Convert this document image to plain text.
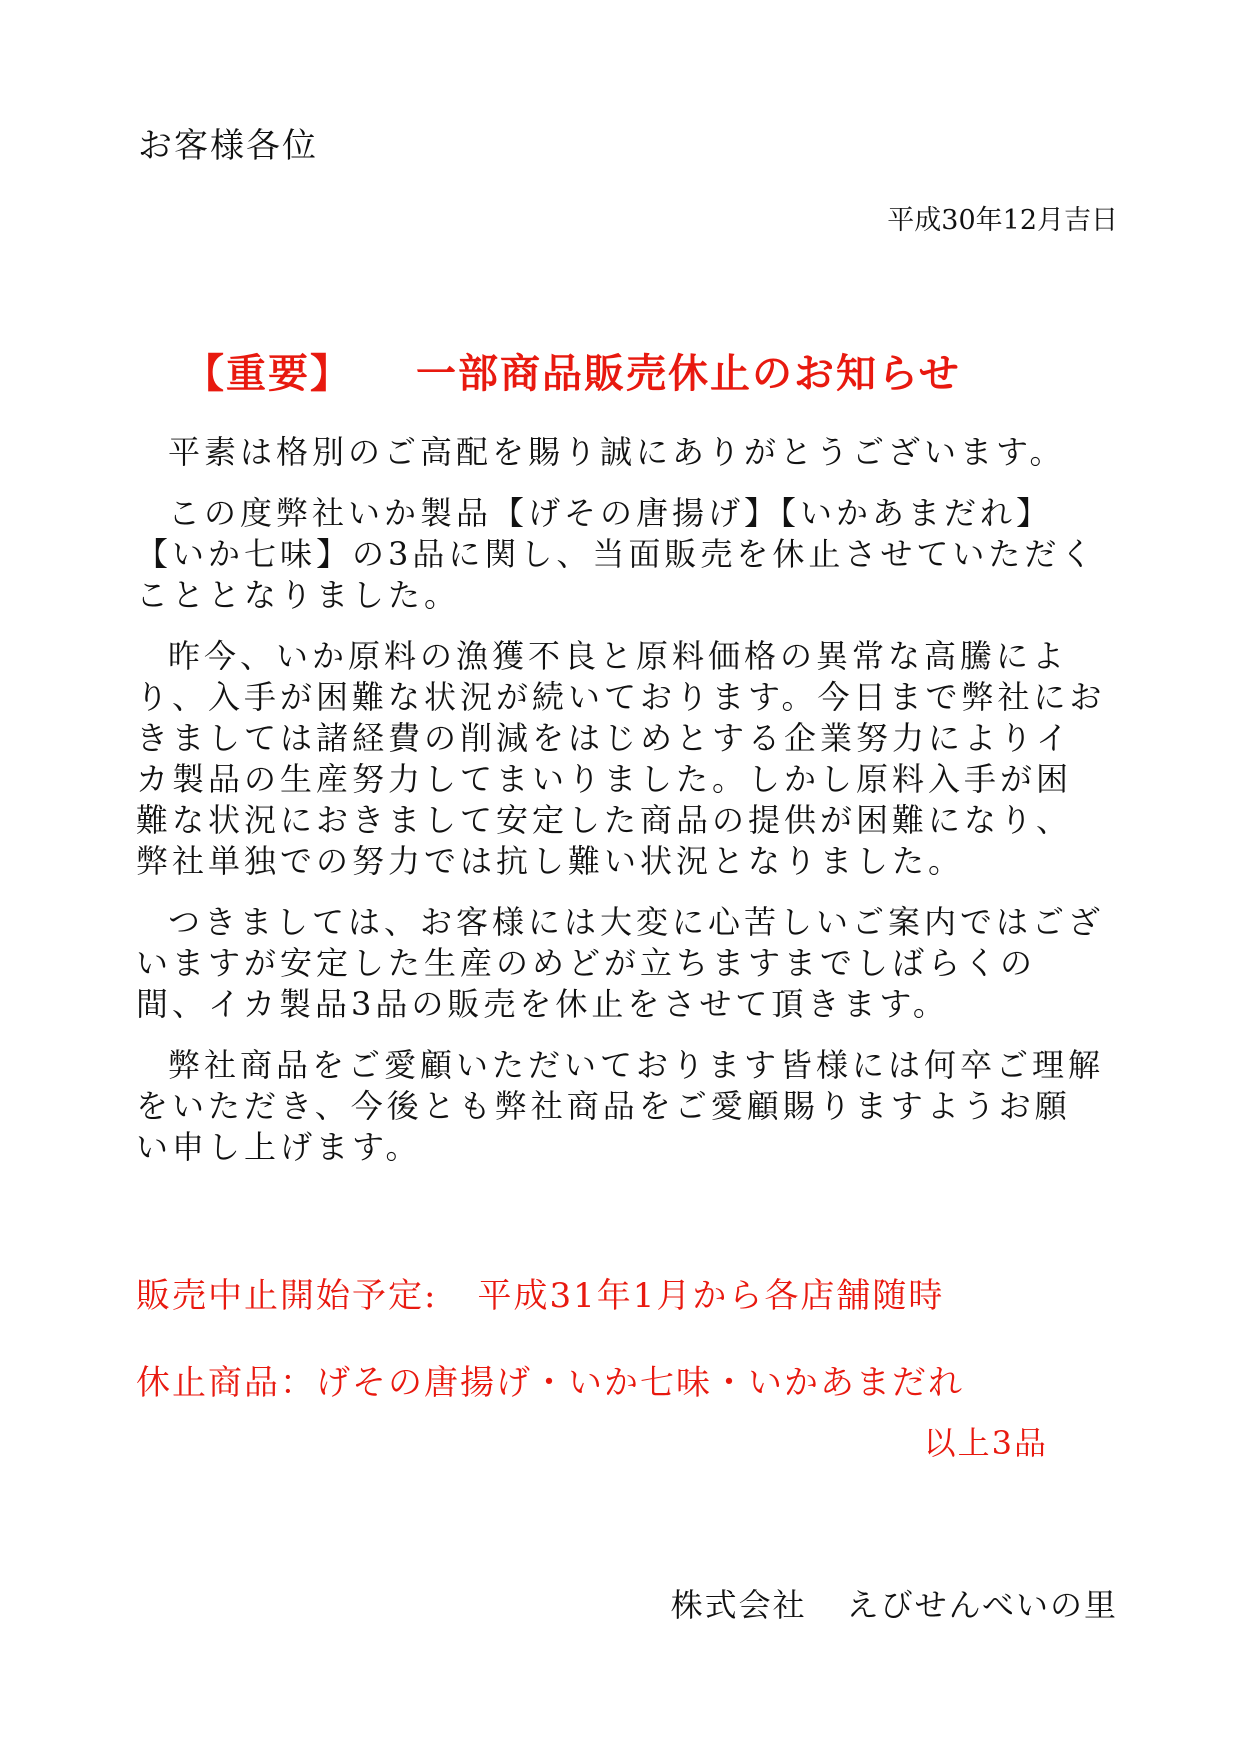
お客様各位
平成30年12月吉日
【重要】 一部商品販売休止のお知らせ

平素は格別のご高配を賜り誠にありがとうございます。

この度弊社いか製品【げその唐揚げ】【いかあまだれ】【いか七味】の3品に関し、当面販売を休止させていただくこととなりました。

昨今、いか原料の漁獲不良と原料価格の異常な高騰により、入手が困難な状況が続いております。今日まで弊社におきましては諸経費の削減をはじめとする企業努力によりイカ製品の生産努力してまいりました。しかし原料入手が困難な状況におきまして安定した商品の提供が困難になり、弊社単独での努力では抗し難い状況となりました。

つきましては、お客様には大変に心苦しいご案内ではございますが安定した生産のめどが立ちますまでしばらくの間、イカ製品3品の販売を休止をさせて頂きます。

弊社商品をご愛顧いただいております皆様には何卒ご理解をいただき、今後とも弊社商品をご愛顧賜りますようお願い申し上げます。

販売中止開始予定: 平成31年1月から各店舗随時
休止商品：げその唐揚げ・いか七味・いかあまだれ
以上3品
株式会社 えびせんべいの里
